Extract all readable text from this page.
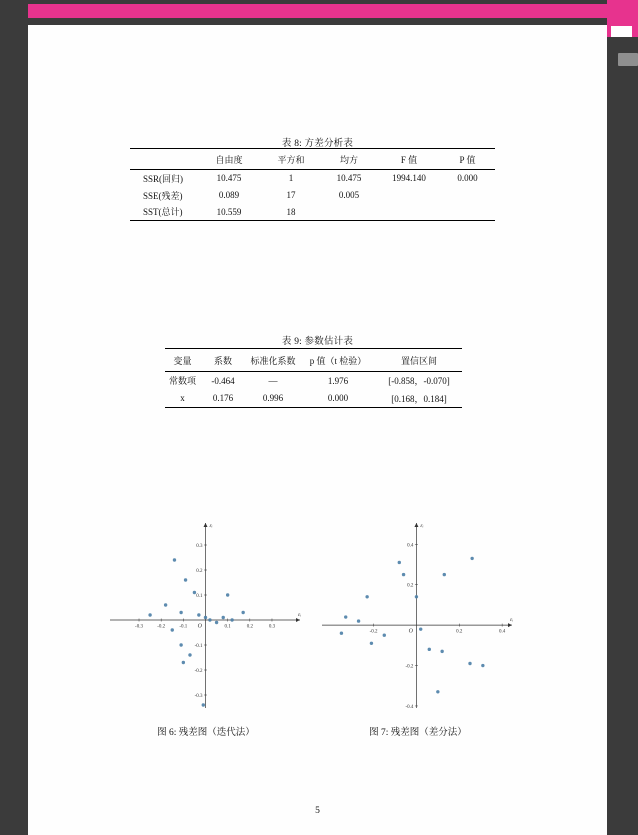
表 8: 方差分析表
	自由度	平方和	均方	F 值	P 值
SSR(回归)	10.475	1	10.475	1994.140	0.000
SSE(残差)	0.089	17	0.005		
SST(总计)	10.559	18			
表 9: 参数估计表
变量	系数	标准化系数	p 值（t 检验）	置信区间
常数项	-0.464	—	1.976	[-0.858，-0.070]
x	0.176	0.996	0.000	[0.168，0.184]
-0.3	-0.2	-0.1	0.1	0.2	0.3
-0.3
-0.2
-0.1
0.1
0.2
0.3
O
εᵢ
εᵢ
-0.2	0.2	0.4
-0.4
-0.2
0.2
0.4
O
εᵢ
εᵢ
图 6: 残差图（迭代法）	图 7: 残差图（差分法）
5
